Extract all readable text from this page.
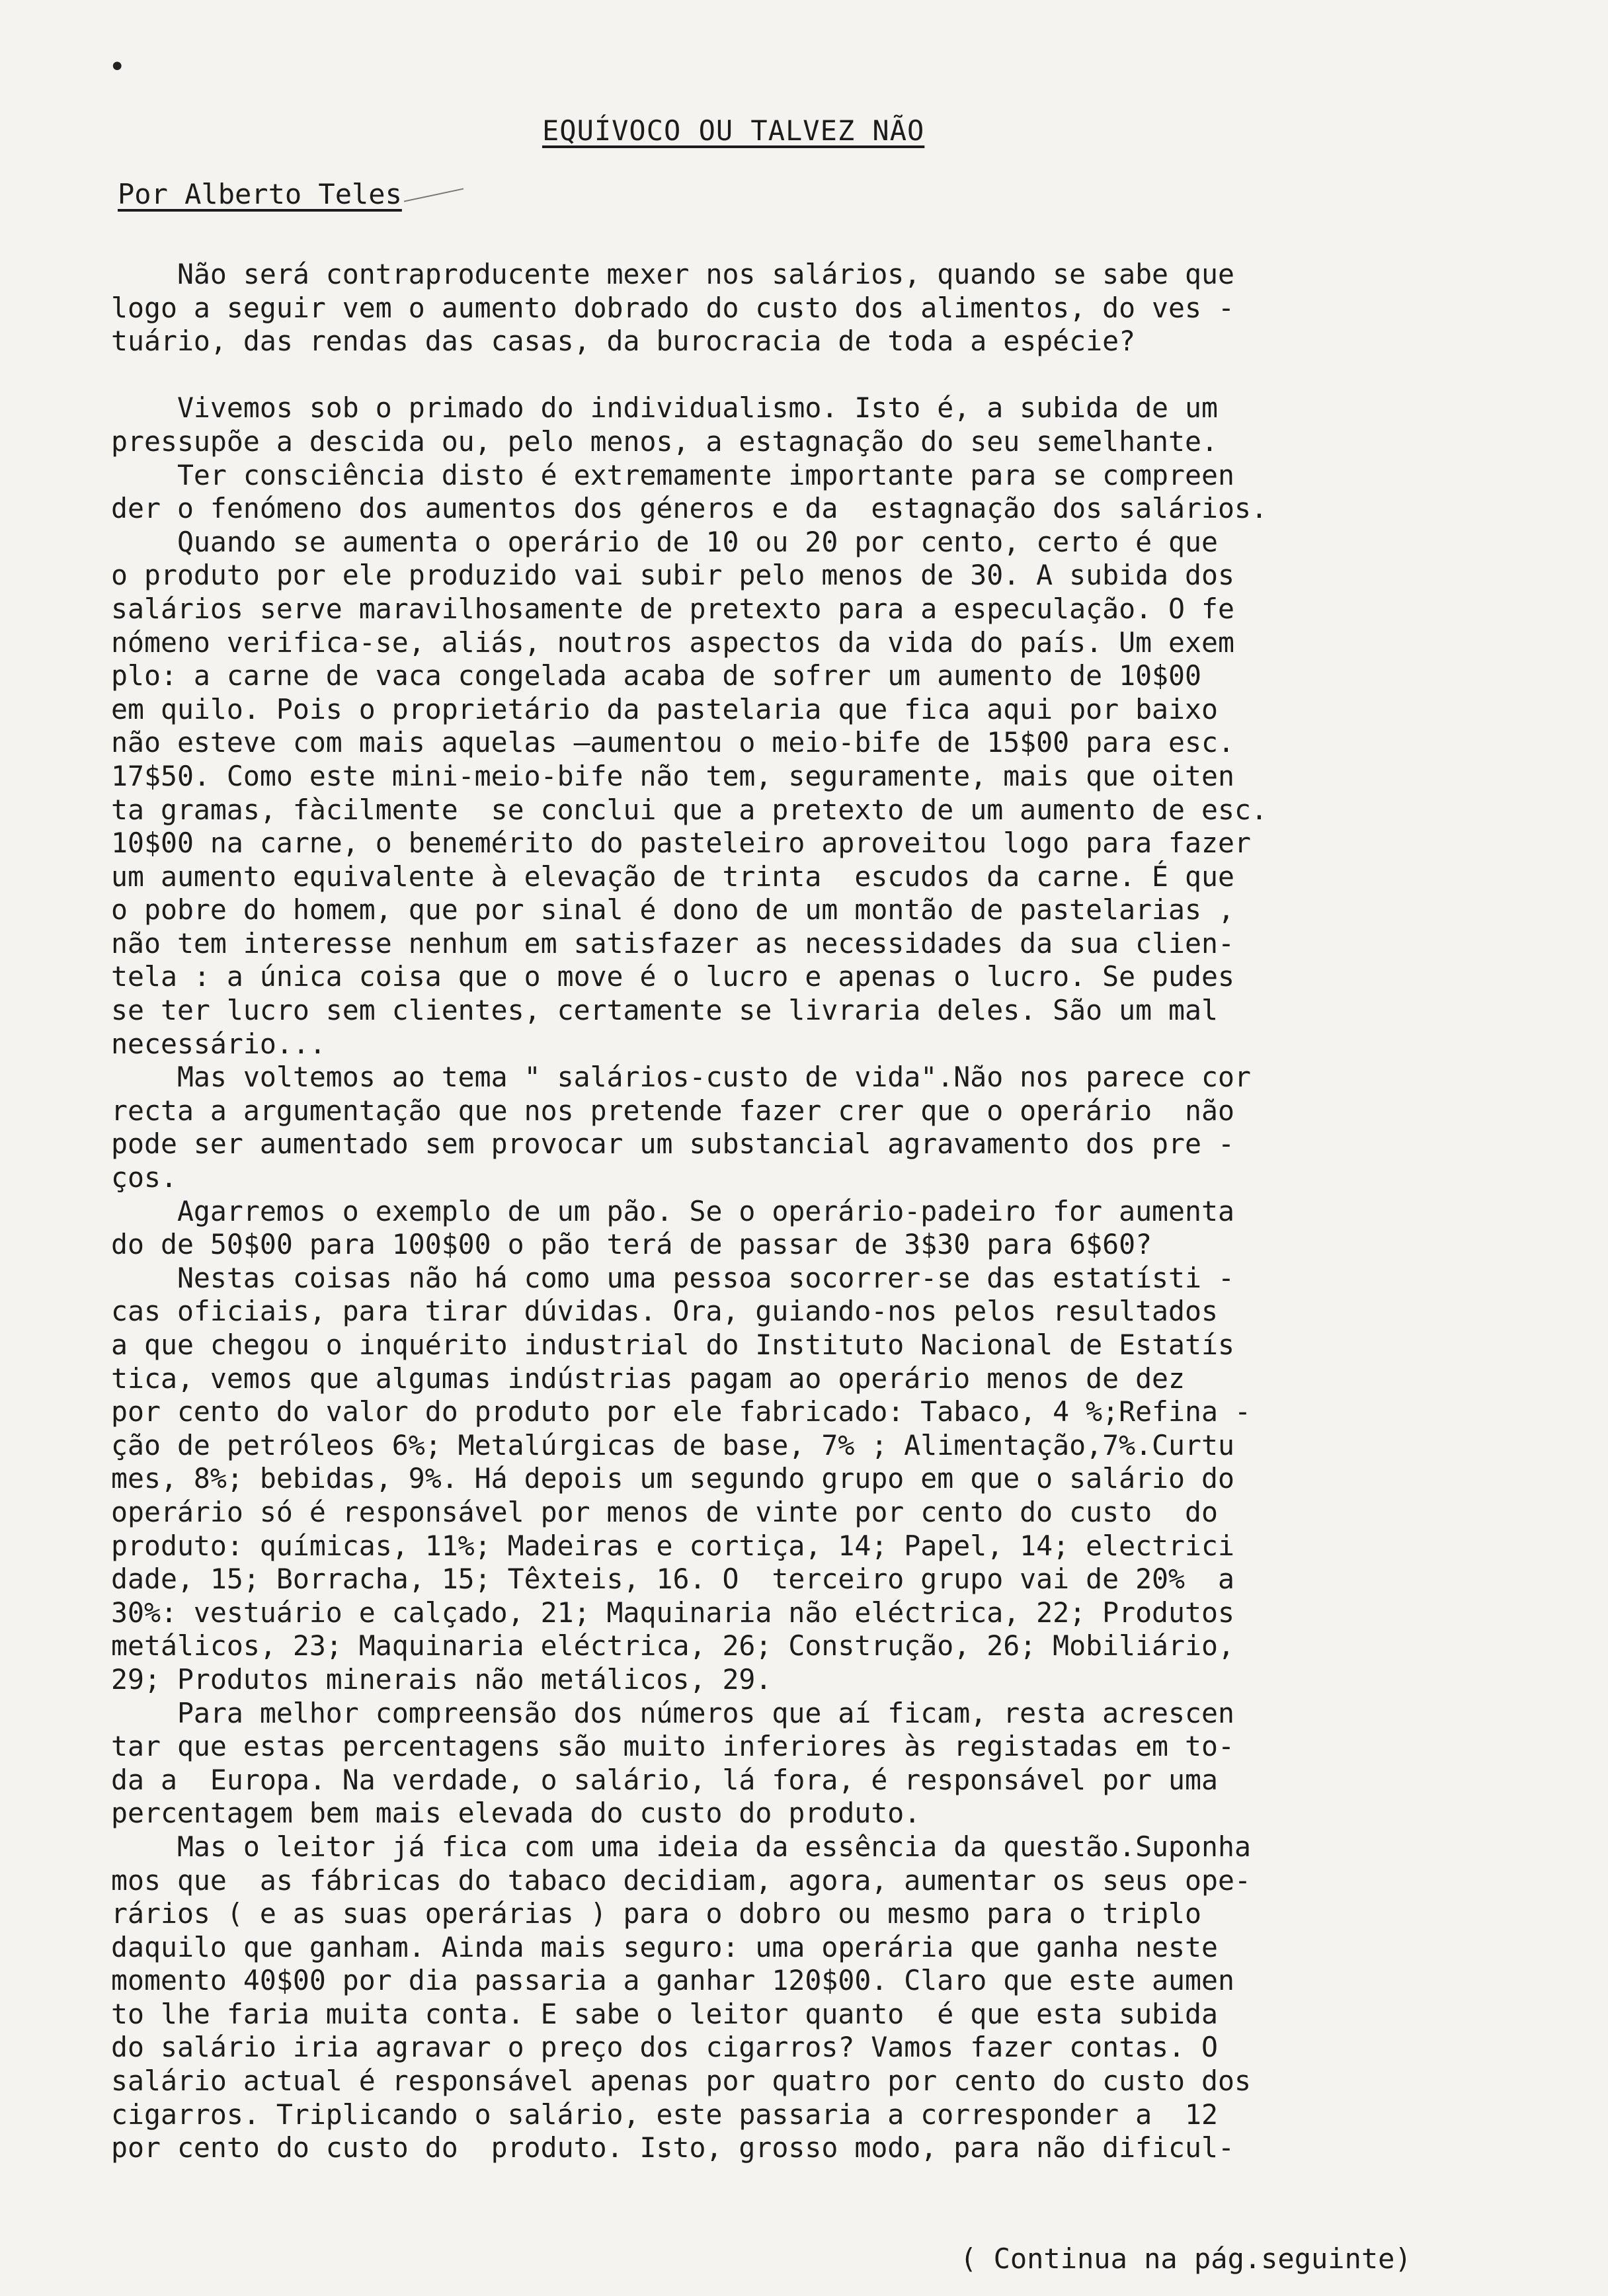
•
EQUÍVOCO OU TALVEZ NÃO
Por Alberto Teles
Não será contraproducente mexer nos salários, quando se sabe que
logo a seguir vem o aumento dobrado do custo dos alimentos, do ves -
tuário, das rendas das casas, da burocracia de toda a espécie?
Vivemos sob o primado do individualismo. Isto é, a subida de um
pressupõe a descida ou, pelo menos, a estagnação do seu semelhante.
Ter consciência disto é extremamente importante para se compreen
der o fenómeno dos aumentos dos géneros e da  estagnação dos salários.
Quando se aumenta o operário de 10 ou 20 por cento, certo é que
o produto por ele produzido vai subir pelo menos de 30. A subida dos
salários serve maravilhosamente de pretexto para a especulação. O fe
nómeno verifica-se, aliás, noutros aspectos da vida do país. Um exem
plo: a carne de vaca congelada acaba de sofrer um aumento de 10$00
em quilo. Pois o proprietário da pastelaria que fica aqui por baixo
não esteve com mais aquelas —aumentou o meio-bife de 15$00 para esc.
17$50. Como este mini-meio-bife não tem, seguramente, mais que oiten
ta gramas, fàcilmente  se conclui que a pretexto de um aumento de esc.
10$00 na carne, o benemérito do pasteleiro aproveitou logo para fazer
um aumento equivalente à elevação de trinta  escudos da carne. É que
o pobre do homem, que por sinal é dono de um montão de pastelarias ,
não tem interesse nenhum em satisfazer as necessidades da sua clien-
tela : a única coisa que o move é o lucro e apenas o lucro. Se pudes
se ter lucro sem clientes, certamente se livraria deles. São um mal
necessário...
Mas voltemos ao tema " salários-custo de vida".Não nos parece cor
recta a argumentação que nos pretende fazer crer que o operário  não
pode ser aumentado sem provocar um substancial agravamento dos pre -
ços.
Agarremos o exemplo de um pão. Se o operário-padeiro for aumenta
do de 50$00 para 100$00 o pão terá de passar de 3$30 para 6$60?
Nestas coisas não há como uma pessoa socorrer-se das estatísti -
cas oficiais, para tirar dúvidas. Ora, guiando-nos pelos resultados
a que chegou o inquérito industrial do Instituto Nacional de Estatís
tica, vemos que algumas indústrias pagam ao operário menos de dez
por cento do valor do produto por ele fabricado: Tabaco, 4 %;Refina -
ção de petróleos 6%; Metalúrgicas de base, 7% ; Alimentação,7%.Curtu
mes, 8%; bebidas, 9%. Há depois um segundo grupo em que o salário do
operário só é responsável por menos de vinte por cento do custo  do
produto: químicas, 11%; Madeiras e cortiça, 14; Papel, 14; electrici
dade, 15; Borracha, 15; Têxteis, 16. O  terceiro grupo vai de 20%  a
30%: vestuário e calçado, 21; Maquinaria não eléctrica, 22; Produtos
metálicos, 23; Maquinaria eléctrica, 26; Construção, 26; Mobiliário,
29; Produtos minerais não metálicos, 29.
Para melhor compreensão dos números que aí ficam, resta acrescen
tar que estas percentagens são muito inferiores às registadas em to-
da a  Europa. Na verdade, o salário, lá fora, é responsável por uma
percentagem bem mais elevada do custo do produto.
Mas o leitor já fica com uma ideia da essência da questão.Suponha
mos que  as fábricas do tabaco decidiam, agora, aumentar os seus ope-
rários ( e as suas operárias ) para o dobro ou mesmo para o triplo
daquilo que ganham. Ainda mais seguro: uma operária que ganha neste
momento 40$00 por dia passaria a ganhar 120$00. Claro que este aumen
to lhe faria muita conta. E sabe o leitor quanto  é que esta subida
do salário iria agravar o preço dos cigarros? Vamos fazer contas. O
salário actual é responsável apenas por quatro por cento do custo dos
cigarros. Triplicando o salário, este passaria a corresponder a  12
por cento do custo do  produto. Isto, grosso modo, para não dificul-
( Continua na pág.seguinte)
